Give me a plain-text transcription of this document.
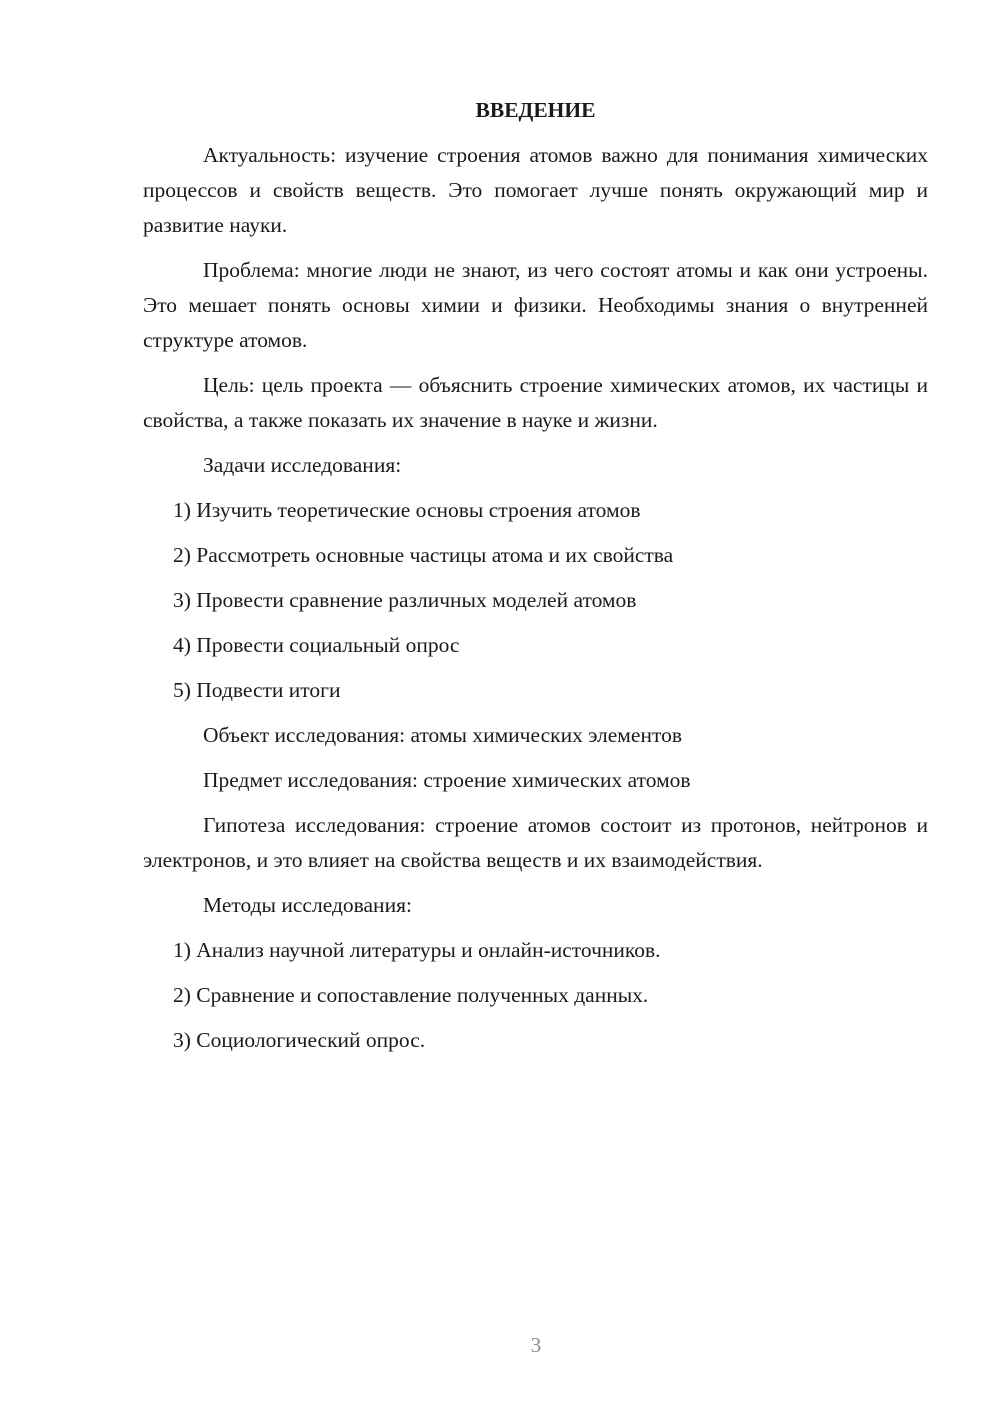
ВВЕДЕНИЕ

Актуальность: изучение строения атомов важно для понимания химических процессов и свойств веществ. Это помогает лучше понять окружающий мир и развитие науки.

Проблема: многие люди не знают, из чего состоят атомы и как они устроены. Это мешает понять основы химии и физики. Необходимы знания о внутренней структуре атомов.

Цель: цель проекта — объяснить строение химических атомов, их частицы и свойства, а также показать их значение в науке и жизни.

Задачи исследования:
1) Изучить теоретические основы строения атомов
2) Рассмотреть основные частицы атома и их свойства
3) Провести сравнение различных моделей атомов
4) Провести социальный опрос
5) Подвести итоги
Объект исследования: атомы химических элементов
Предмет исследования: строение химических атомов

Гипотеза исследования: строение атомов состоит из протонов, нейтронов и электронов, и это влияет на свойства веществ и их взаимодействия.

Методы исследования:
1) Анализ научной литературы и онлайн-источников.
2) Сравнение и сопоставление полученных данных.
3) Социологический опрос.
3
